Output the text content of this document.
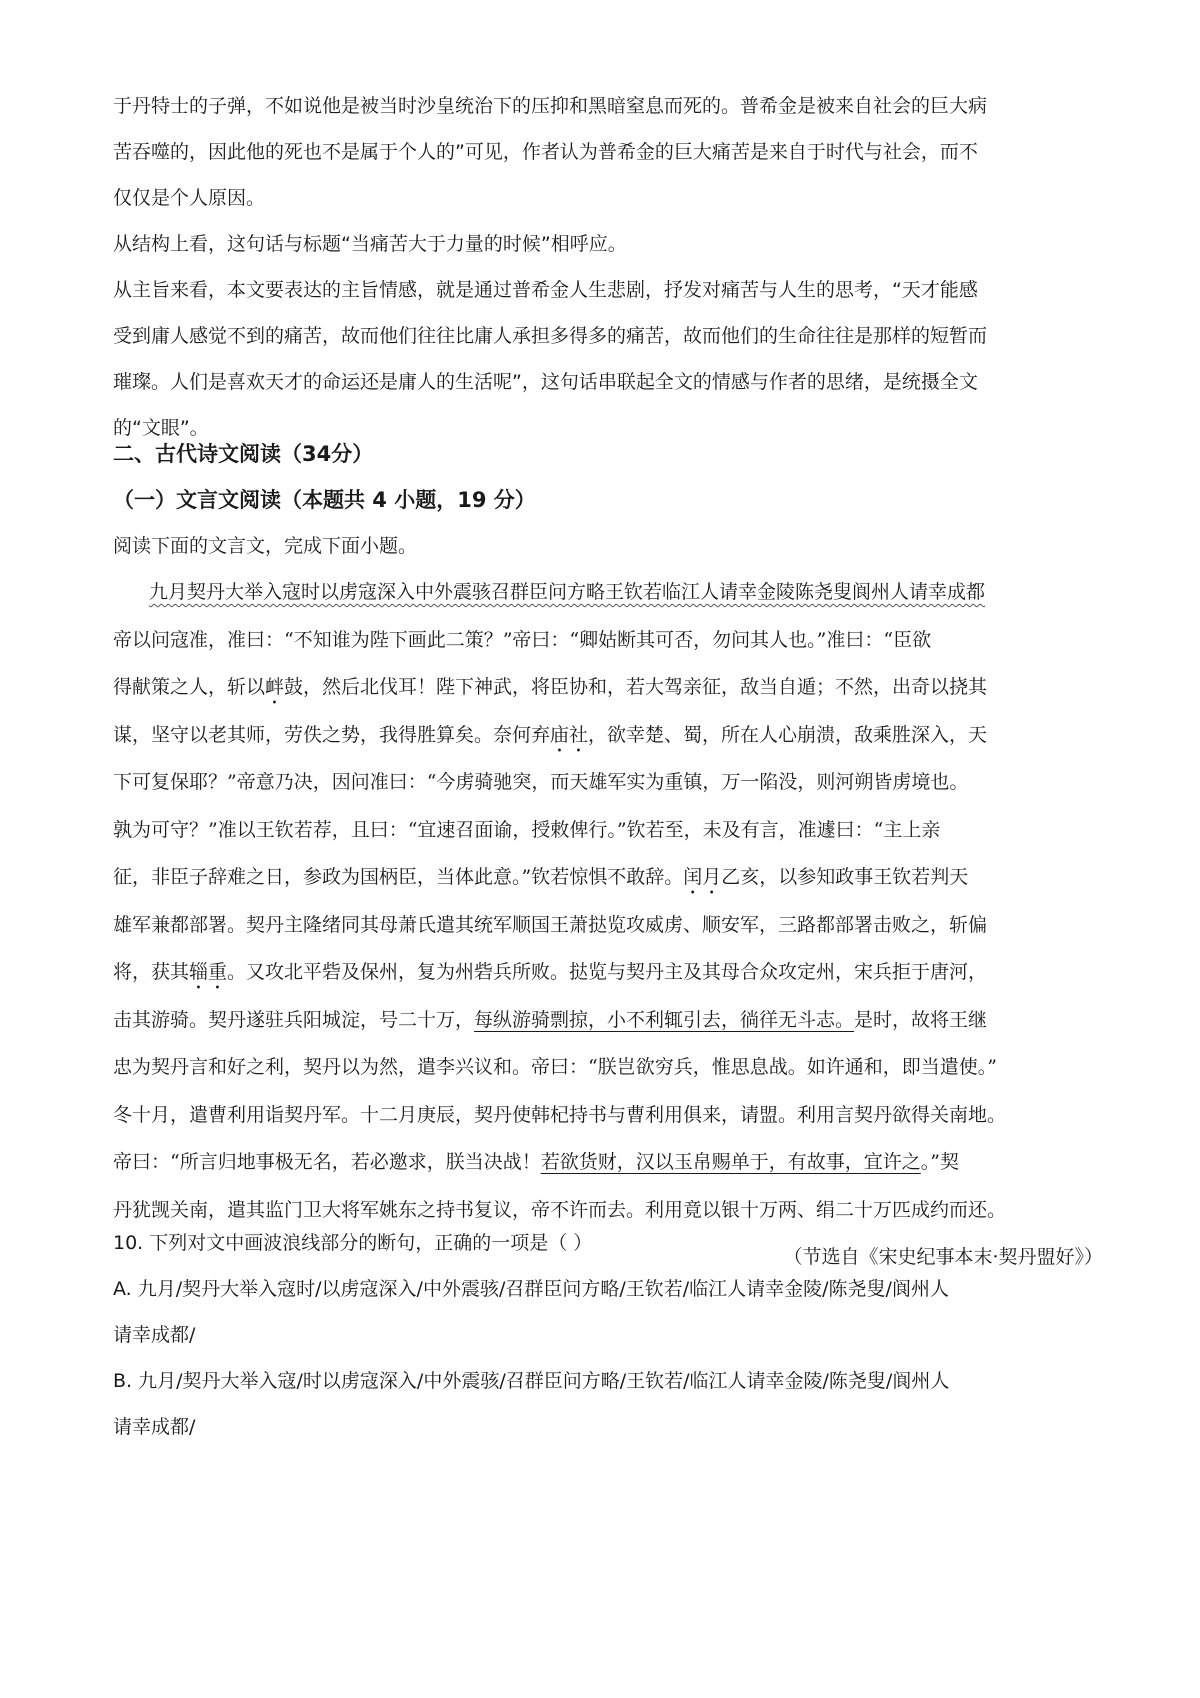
于丹特士的子弹，不如说他是被当时沙皇统治下的压抑和黑暗窒息而死的。普希金是被来自社会的巨大病
苦吞噬的，因此他的死也不是属于个人的”可见，作者认为普希金的巨大痛苦是来自于时代与社会，而不
仅仅是个人原因。
从结构上看，这句话与标题“当痛苦大于力量的时候”相呼应。
从主旨来看，本文要表达的主旨情感，就是通过普希金人生悲剧，抒发对痛苦与人生的思考，“天才能感
受到庸人感觉不到的痛苦，故而他们往往比庸人承担多得多的痛苦，故而他们的生命往往是那样的短暂而
璀璨。人们是喜欢天才的命运还是庸人的生活呢”，这句话串联起全文的情感与作者的思绪，是统摄全文
的“文眼”。
二、古代诗文阅读（34分）
（一）文言文阅读（本题共 4 小题，19 分）
阅读下面的文言文，完成下面小题。
九月契丹大举入寇时以虏寇深入中外震骇召群臣问方略王钦若临江人请幸金陵陈尧叟阆州人请幸成都
帝以问寇准，准曰：“不知谁为陛下画此二策？”帝曰：“卿姑断其可否，勿问其人也。”准曰：“臣欲
得献策之人，斩以衅鼓，然后北伐耳！陛下神武，将臣协和，若大驾亲征，敌当自遁；不然，出奇以挠其
谋，坚守以老其师，劳佚之势，我得胜算矣。奈何弃庙社，欲幸楚、蜀，所在人心崩溃，敌乘胜深入，天
下可复保耶？”帝意乃决，因问准曰：“今虏骑驰突，而天雄军实为重镇，万一陷没，则河朔皆虏境也。
孰为可守？”准以王钦若荐，且曰：“宜速召面谕，授敕俾行。”钦若至，未及有言，准遽曰：“主上亲
征，非臣子辞难之日，参政为国柄臣，当体此意。”钦若惊惧不敢辞。闰月乙亥，以参知政事王钦若判天
雄军兼都部署。契丹主隆绪同其母萧氏遣其统军顺国王萧挞览攻威虏、顺安军，三路都部署击败之，斩偏
将，获其辎重。又攻北平砦及保州，复为州砦兵所败。挞览与契丹主及其母合众攻定州，宋兵拒于唐河，
击其游骑。契丹遂驻兵阳城淀，号二十万，每纵游骑剽掠，小不利辄引去，徜徉无斗志。是时，故将王继
忠为契丹言和好之利，契丹以为然，遣李兴议和。帝曰：“朕岂欲穷兵，惟思息战。如许通和，即当遣使。”
冬十月，遣曹利用诣契丹军。十二月庚辰，契丹使韩杞持书与曹利用俱来，请盟。利用言契丹欲得关南地。
帝曰：“所言归地事极无名，若必邀求，朕当决战！若欲货财，汉以玉帛赐单于，有故事，宜许之。”契
丹犹觊关南，遣其监门卫大将军姚东之持书复议，帝不许而去。利用竟以银十万两、绢二十万匹成约而还。
（节选自《宋史纪事本末·契丹盟好》）
10. 下列对文中画波浪线部分的断句，正确的一项是（ ）
A. 九月/契丹大举入寇时/以虏寇深入/中外震骇/召群臣问方略/王钦若/临江人请幸金陵/陈尧叟/阆州人
请幸成都/
B. 九月/契丹大举入寇/时以虏寇深入/中外震骇/召群臣问方略/王钦若/临江人请幸金陵/陈尧叟/阆州人
请幸成都/
